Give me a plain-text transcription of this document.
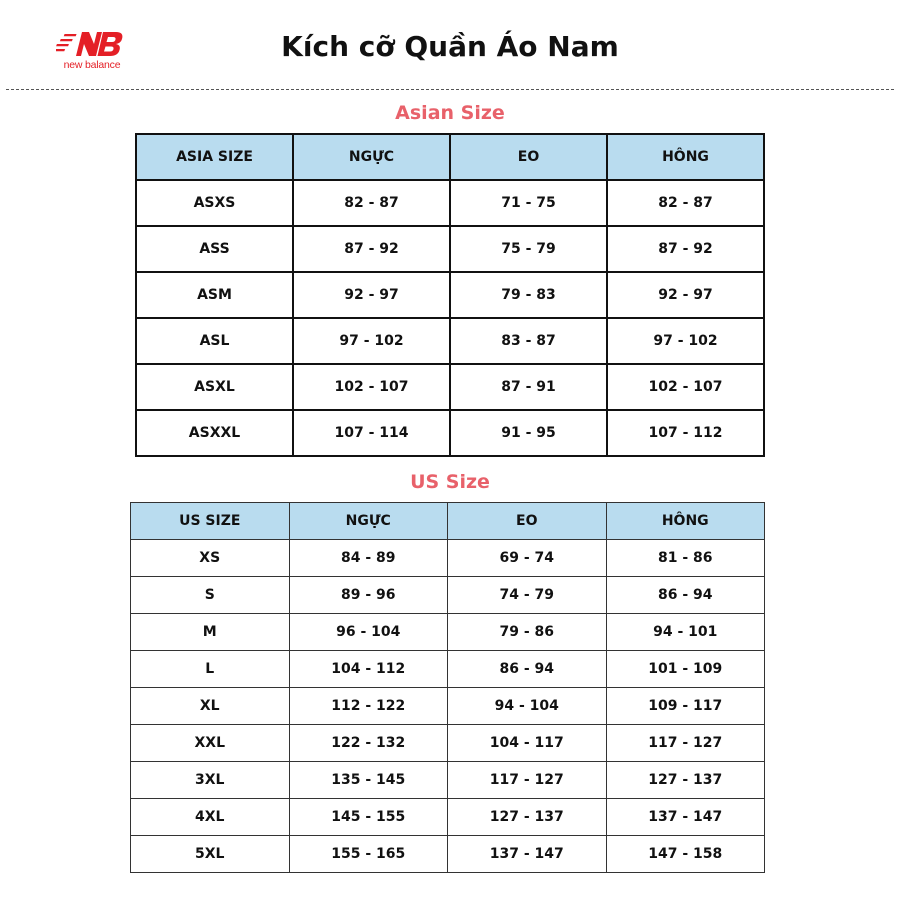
new balance
Kích cỡ Quần Áo Nam
Asian Size
ASIA SIZE	NGỰC	EO	HÔNG
ASXS	82 - 87	71 - 75	82 - 87
ASS	87 - 92	75 - 79	87 - 92
ASM	92 - 97	79 - 83	92 - 97
ASL	97 - 102	83 - 87	97 - 102
ASXL	102 - 107	87 - 91	102 - 107
ASXXL	107 - 114	91 - 95	107 - 112
US Size
US SIZE	NGỰC	EO	HÔNG
XS	84 - 89	69 - 74	81 - 86
S	89 - 96	74 - 79	86 - 94
M	96 - 104	79 - 86	94 - 101
L	104 - 112	86 - 94	101 - 109
XL	112 - 122	94 - 104	109 - 117
XXL	122 - 132	104 - 117	117 - 127
3XL	135 - 145	117 - 127	127 - 137
4XL	145 - 155	127 - 137	137 - 147
5XL	155 - 165	137 - 147	147 - 158
